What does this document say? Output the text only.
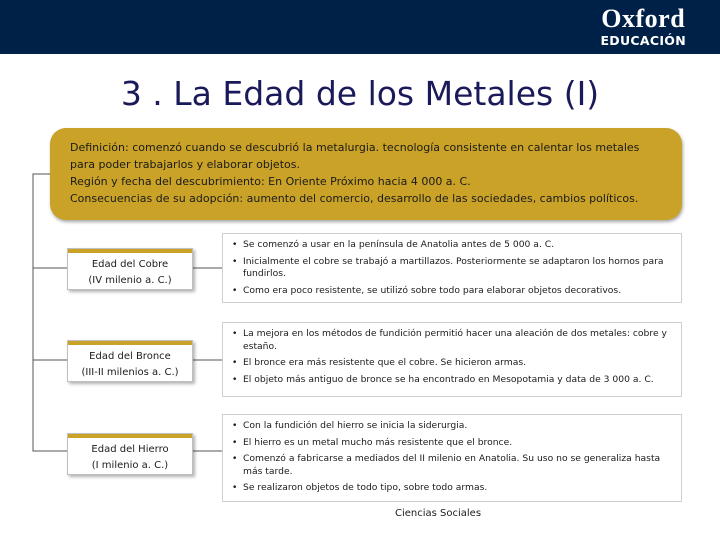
Oxford
EDUCACIÓN
3 . La Edad de los Metales (I)
Definición: comenzó cuando se descubrió la metalurgia. tecnología consistente en calentar los metales
para poder trabajarlos y elaborar objetos.
Región y fecha del descubrimiento: En Oriente Próximo hacia 4 000 a. C.
Consecuencias de su adopción: aumento del comercio, desarrollo de las sociedades, cambios políticos.
Edad del Cobre
(IV milenio a. C.)
• Se comenzó a usar en la península de Anatolia antes de 5 000 a. C.
• Inicialmente el cobre se trabajó a martillazos. Posteriormente se adaptaron los hornos para fundirlos.
• Como era poco resistente, se utilizó sobre todo para elaborar objetos decorativos.
Edad del Bronce
(III-II milenios a. C.)
• La mejora en los métodos de fundición permitió hacer una aleación de dos metales: cobre y estaño.
• El bronce era más resistente que el cobre. Se hicieron armas.
• El objeto más antiguo de bronce se ha encontrado en Mesopotamia y data de 3 000 a. C.
Edad del Hierro
(I milenio a. C.)
• Con la fundición del hierro se inicia la siderurgia.
• El hierro es un metal mucho más resistente que el bronce.
• Comenzó a fabricarse a mediados del II milenio en Anatolia. Su uso no se generaliza hasta más tarde.
• Se realizaron objetos de todo tipo, sobre todo armas.
Ciencias Sociales
